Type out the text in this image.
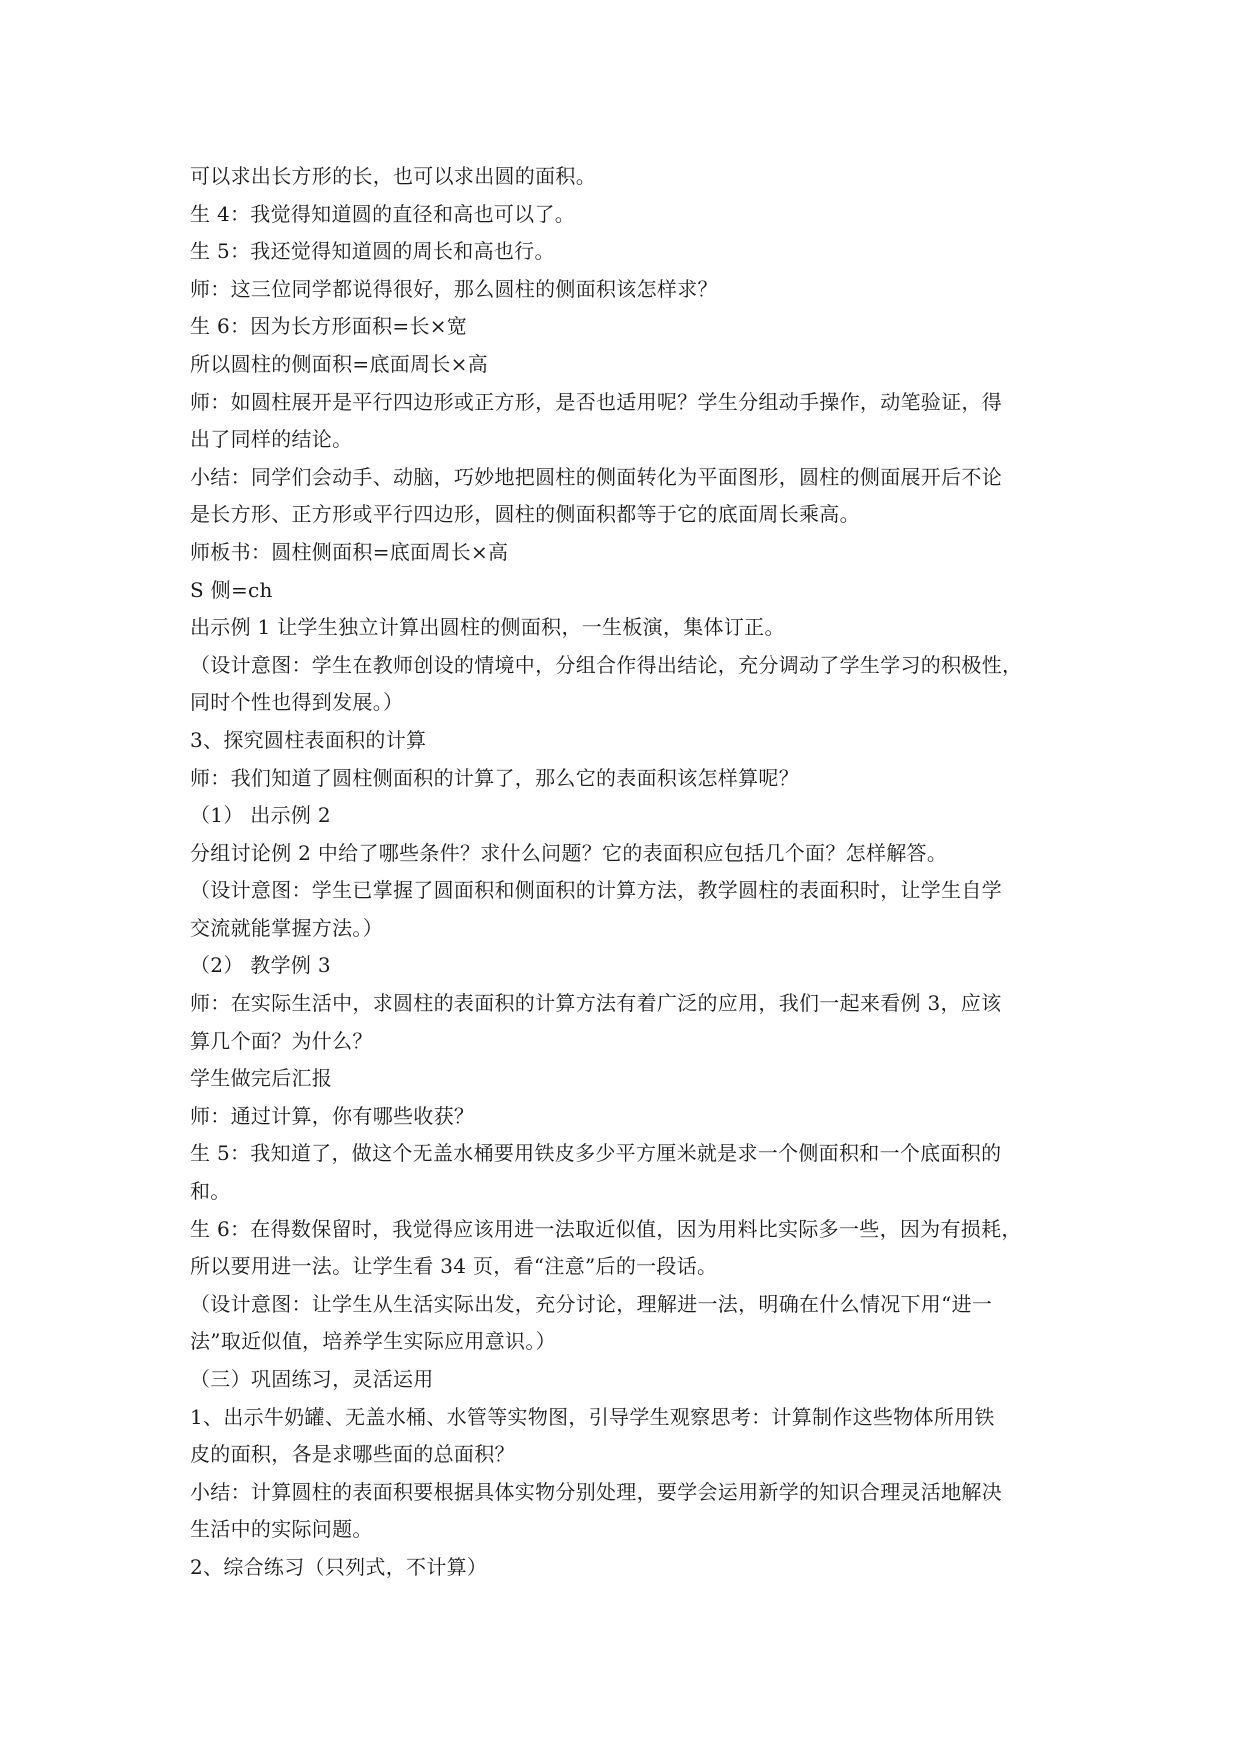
可以求出长方形的长，也可以求出圆的面积。
生 4：我觉得知道圆的直径和高也可以了。
生 5：我还觉得知道圆的周长和高也行。
师：这三位同学都说得很好，那么圆柱的侧面积该怎样求？
生 6：因为长方形面积=长×宽
所以圆柱的侧面积=底面周长×高
师：如圆柱展开是平行四边形或正方形，是否也适用呢？学生分组动手操作，动笔验证，得
出了同样的结论。
小结：同学们会动手、动脑，巧妙地把圆柱的侧面转化为平面图形，圆柱的侧面展开后不论
是长方形、正方形或平行四边形，圆柱的侧面积都等于它的底面周长乘高。
师板书：圆柱侧面积=底面周长×高
S 侧=ch
出示例 1 让学生独立计算出圆柱的侧面积，一生板演，集体订正。
（设计意图：学生在教师创设的情境中，分组合作得出结论，充分调动了学生学习的积极性，
同时个性也得到发展。）
3、探究圆柱表面积的计算
师：我们知道了圆柱侧面积的计算了，那么它的表面积该怎样算呢？
（1） 出示例 2
分组讨论例 2 中给了哪些条件？求什么问题？它的表面积应包括几个面？怎样解答。
（设计意图：学生已掌握了圆面积和侧面积的计算方法，教学圆柱的表面积时，让学生自学
交流就能掌握方法。）
（2） 教学例 3
师：在实际生活中，求圆柱的表面积的计算方法有着广泛的应用，我们一起来看例 3，应该
算几个面？为什么？
学生做完后汇报
师：通过计算，你有哪些收获？
生 5：我知道了，做这个无盖水桶要用铁皮多少平方厘米就是求一个侧面积和一个底面积的
和。
生 6：在得数保留时，我觉得应该用进一法取近似值，因为用料比实际多一些，因为有损耗，
所以要用进一法。让学生看 34 页，看“注意”后的一段话。
（设计意图：让学生从生活实际出发，充分讨论，理解进一法，明确在什么情况下用“进一
法”取近似值，培养学生实际应用意识。）
（三）巩固练习，灵活运用
1、出示牛奶罐、无盖水桶、水管等实物图，引导学生观察思考：计算制作这些物体所用铁
皮的面积，各是求哪些面的总面积？
小结：计算圆柱的表面积要根据具体实物分别处理，要学会运用新学的知识合理灵活地解决
生活中的实际问题。
2、综合练习（只列式，不计算）
